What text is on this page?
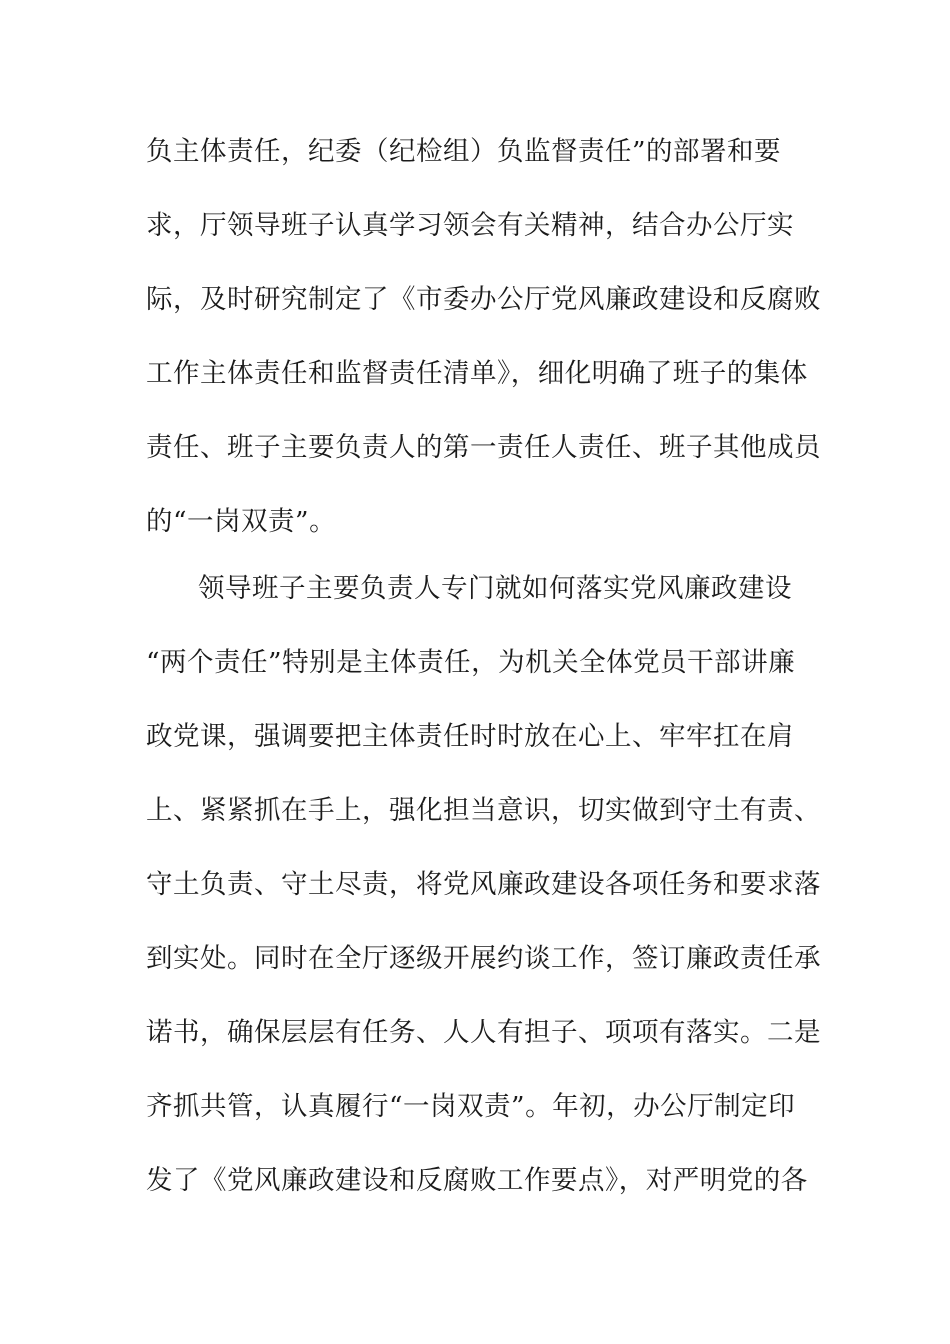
负主体责任，纪委（纪检组）负监督责任”的部署和要
求，厅领导班子认真学习领会有关精神，结合办公厅实
际，及时研究制定了《市委办公厅党风廉政建设和反腐败
工作主体责任和监督责任清单》，细化明确了班子的集体
责任、班子主要负责人的第一责任人责任、班子其他成员
的“一岗双责”。
领导班子主要负责人专门就如何落实党风廉政建设
“两个责任”特别是主体责任，为机关全体党员干部讲廉
政党课，强调要把主体责任时时放在心上、牢牢扛在肩
上、紧紧抓在手上，强化担当意识，切实做到守土有责、
守土负责、守土尽责，将党风廉政建设各项任务和要求落
到实处。同时在全厅逐级开展约谈工作，签订廉政责任承
诺书，确保层层有任务、人人有担子、项项有落实。二是
齐抓共管，认真履行“一岗双责”。年初，办公厅制定印
发了《党风廉政建设和反腐败工作要点》，对严明党的各
